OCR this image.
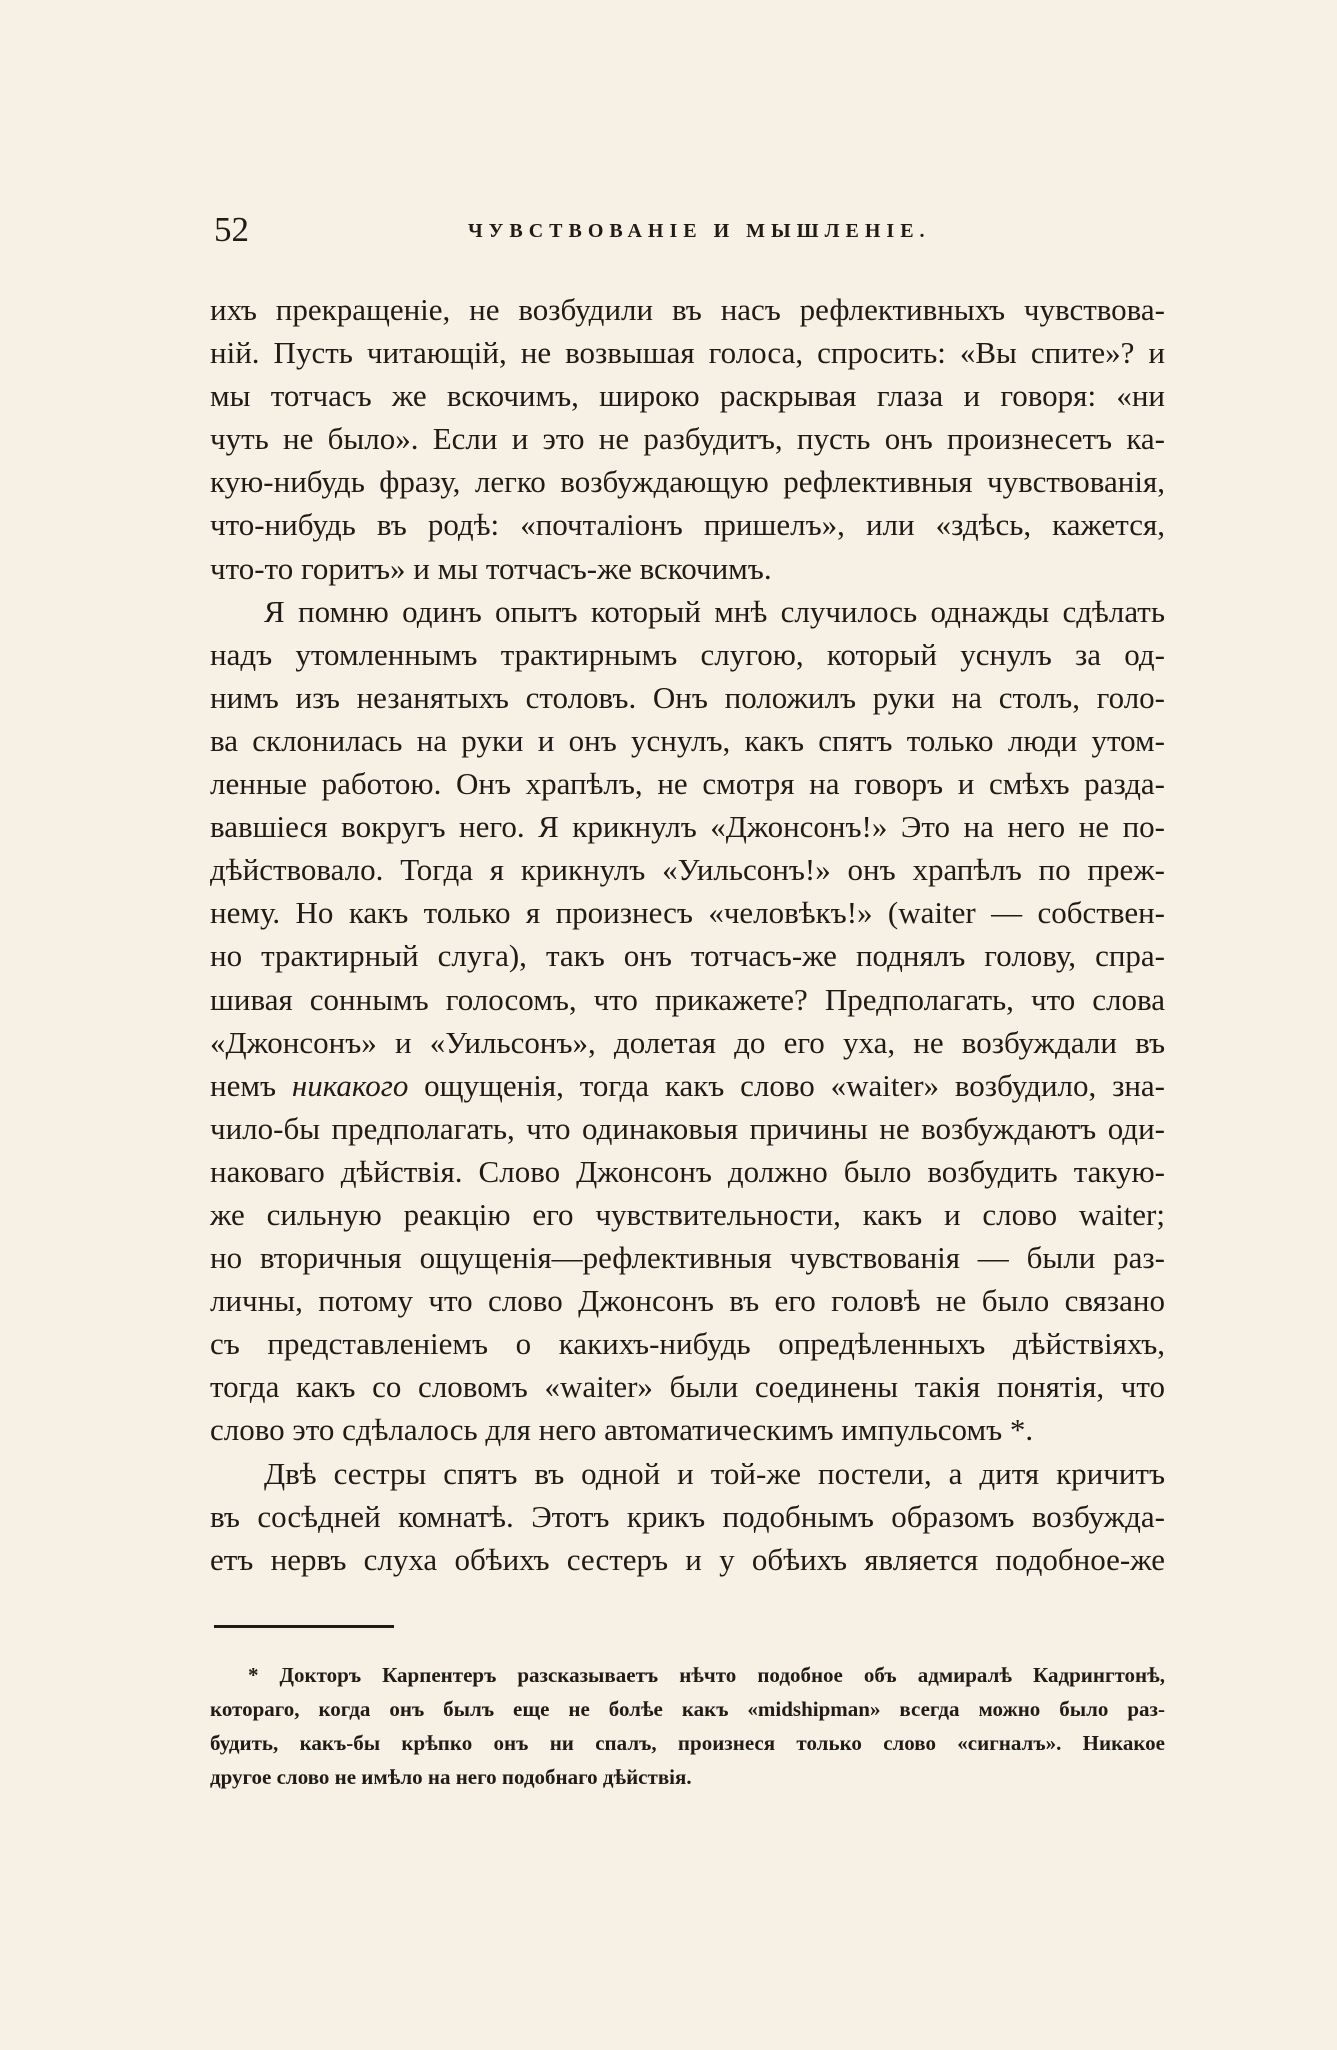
52	ЧУВСТВОВАНІЕ И МЫШЛЕНІЕ.
ихъ прекращеніе, не возбудили въ насъ рефлективныхъ чувствова-
ній. Пусть читающій, не возвышая голоса, спросить: «Вы спите»? и
мы тотчасъ же вскочимъ, широко раскрывая глаза и говоря: «ни
чуть не было». Если и это не разбудитъ, пусть онъ произнесетъ ка-
кую-нибудь фразу, легко возбуждающую рефлективныя чувствованія,
что-нибудь въ родѣ: «почталіонъ пришелъ», или «здѣсь, кажется,
что-то горитъ» и мы тотчасъ-же вскочимъ.
Я помню одинъ опытъ который мнѣ случилось однажды сдѣлать
надъ утомленнымъ трактирнымъ слугою, который уснулъ за од-
нимъ изъ незанятыхъ столовъ. Онъ положилъ руки на столъ, голо-
ва склонилась на руки и онъ уснулъ, какъ спятъ только люди утом-
ленные работою. Онъ храпѣлъ, не смотря на говоръ и смѣхъ разда-
вавшіеся вокругъ него. Я крикнулъ «Джонсонъ!» Это на него не по-
дѣйствовало. Тогда я крикнулъ «Уильсонъ!» онъ храпѣлъ по преж-
нему. Но какъ только я произнесъ «человѣкъ!» (waiter — собствен-
но трактирный слуга), такъ онъ тотчасъ-же поднялъ голову, спра-
шивая соннымъ голосомъ, что прикажете? Предполагать, что слова
«Джонсонъ» и «Уильсонъ», долетая до его уха, не возбуждали въ
немъ никакого ощущенія, тогда какъ слово «waiter» возбудило, зна-
чило-бы предполагать, что одинаковыя причины не возбуждаютъ оди-
наковаго дѣйствія. Слово Джонсонъ должно было возбудить такую-
же сильную реакцію его чувствительности, какъ и слово waiter;
но вторичныя ощущенія—рефлективныя чувствованія — были раз-
личны, потому что слово Джонсонъ въ его головѣ не было связано
съ представленіемъ о какихъ-нибудь опредѣленныхъ дѣйствіяхъ,
тогда какъ со словомъ «waiter» были соединены такія понятія, что
слово это сдѣлалось для него автоматическимъ импульсомъ *.
Двѣ сестры спятъ въ одной и той-же постели, а дитя кричитъ
въ сосѣдней комнатѣ. Этотъ крикъ подобнымъ образомъ возбужда-
етъ нервъ слуха обѣихъ сестеръ и у обѣихъ является подобное-же
* Докторъ Карпентеръ разсказываетъ нѣчто подобное объ адмиралѣ Кадрингтонѣ,
котораго, когда онъ былъ еще не болѣе какъ «midshipman» всегда можно было раз-
будить, какъ-бы крѣпко онъ ни спалъ, произнеся только слово «сигналъ». Никакое
другое слово не имѣло на него подобнаго дѣйствія.
